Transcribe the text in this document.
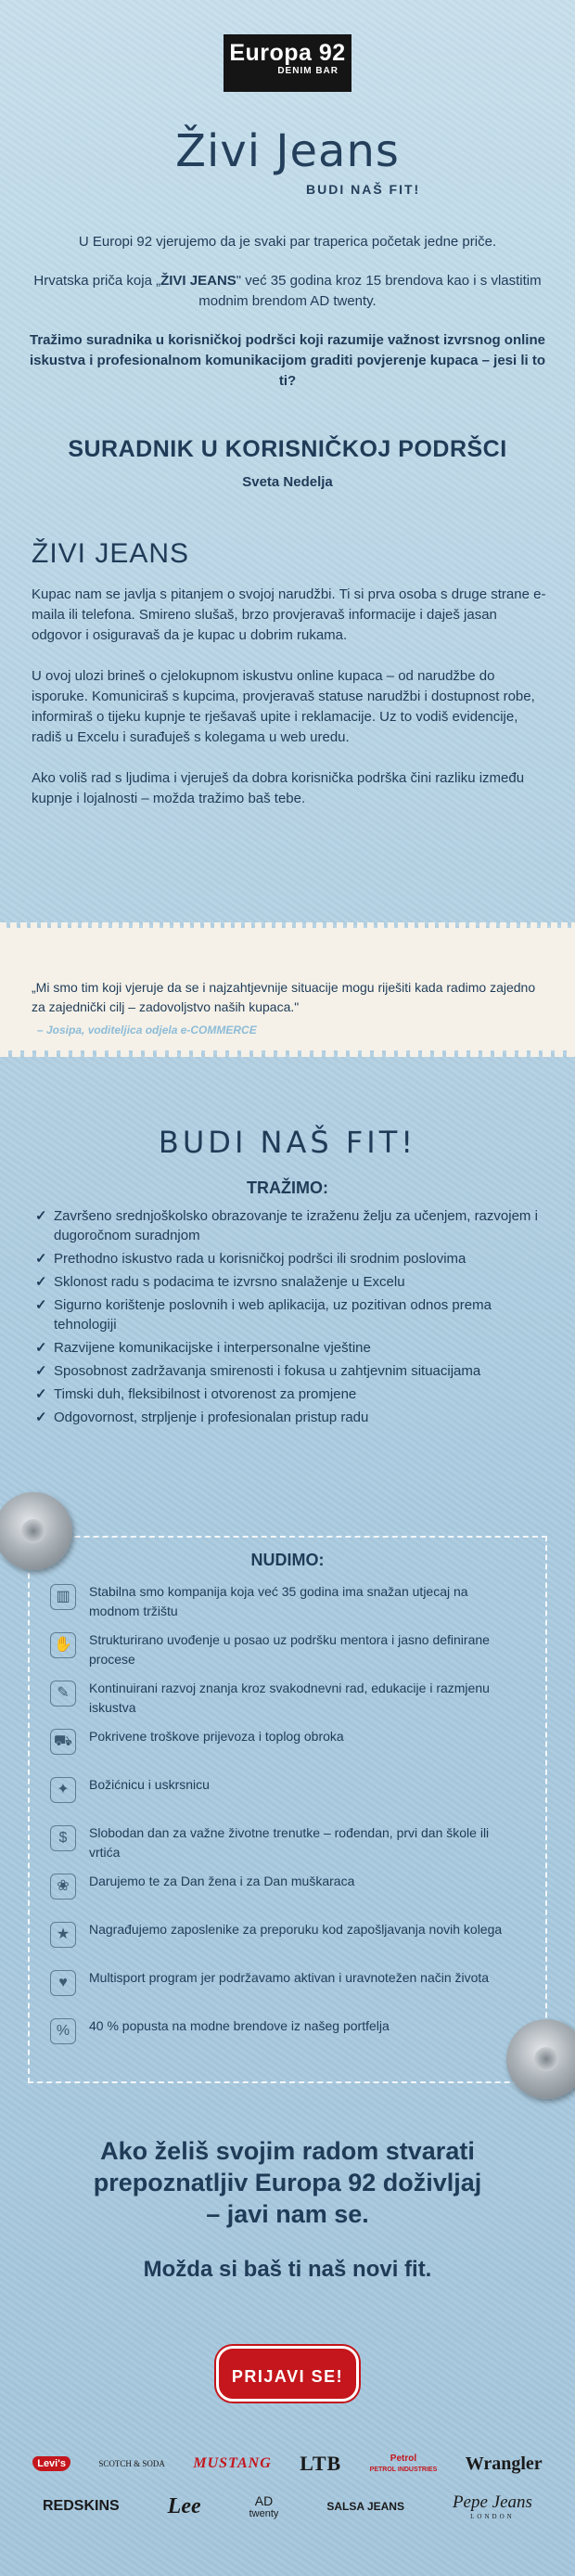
Europa 92
DENIM BAR
Živi Jeans
BUDI NAŠ FIT!

U Europi 92 vjerujemo da je svaki par traperica početak jedne priče.

Hrvatska priča koja „ŽIVI JEANS" već 35 godina kroz 15 brendova kao i s vlastitim modnim brendom AD twenty.

Tražimo suradnika u korisničkoj podršci koji razumije važnost izvrsnog online iskustva i profesionalnom komunikacijom graditi povjerenje kupaca – jesi li to ti?

SURADNIK U KORISNIČKOJ PODRŠCI
Sveta Nedelja
ŽIVI JEANS

Kupac nam se javlja s pitanjem o svojoj narudžbi. Ti si prva osoba s druge strane e-maila ili telefona. Smireno slušaš, brzo provjeravaš informacije i daješ jasan odgovor i osiguravaš da je kupac u dobrim rukama.

U ovoj ulozi brineš o cjelokupnom iskustvu online kupaca – od narudžbe do isporuke. Komuniciraš s kupcima, provjeravaš statuse narudžbi i dostupnost robe, informiraš o tijeku kupnje te rješavaš upite i reklamacije. Uz to vodiš evidencije, radiš u Excelu i surađuješ s kolegama u web uredu.

Ako voliš rad s ljudima i vjeruješ da dobra korisnička podrška čini razliku između kupnje i lojalnosti – možda tražimo baš tebe.

„Mi smo tim koji vjeruje da se i najzahtjevnije situacije mogu riješiti kada radimo zajedno za zajednički cilj – zadovoljstvo naših kupaca."
– Josipa, voditeljica odjela e-COMMERCE
BUDI NAŠ FIT!
TRAŽIMO:
✓ Završeno srednjoškolsko obrazovanje te izraženu želju za učenjem, razvojem i dugoročnom suradnjom
✓ Prethodno iskustvo rada u korisničkoj podršci ili srodnim poslovima
✓ Sklonost radu s podacima te izvrsno snalaženje u Excelu
✓ Sigurno korištenje poslovnih i web aplikacija, uz pozitivan odnos prema tehnologiji
✓ Razvijene komunikacijske i interpersonalne vještine
✓ Sposobnost zadržavanja smirenosti i fokusa u zahtjevnim situacijama
✓ Timski duh, fleksibilnost i otvorenost za promjene
✓ Odgovornost, strpljenje i profesionalan pristup radu
NUDIMO:
▥	Stabilna smo kompanija koja već 35 godina ima snažan utjecaj na modnom tržištu
✋ Strukturirano uvođenje u posao uz podršku mentora i jasno definirane procese
✎	Kontinuirani razvoj znanja kroz svakodnevni rad, edukacije i razmjenu iskustva
⛟ Pokrivene troškove prijevoza i toplog obroka
✦	Božićnicu i uskrsnicu
$	Slobodan dan za važne životne trenutke – rođendan, prvi dan škole ili vrtića
❀	Darujemo te za Dan žena i za Dan muškaraca
★	Nagrađujemo zaposlenike za preporuku kod zapošljavanja novih kolega
♥	Multisport program jer podržavamo aktivan i uravnotežen način života
%	40 % popusta na modne brendove iz našeg portfelja
Ako želiš svojim radom stvarati prepoznatljiv Europa 92 doživljaj – javi nam se.
Možda si baš ti naš novi fit.
PRIJAVI SE!
Levi's	SCOTCH & SODA MUSTANG LTB	Petrol
PETROL INDUSTRIES Wrangler
REDSKINS Lee	AD
twenty
SALSA JEANS	Pepe Jeans
LONDON
